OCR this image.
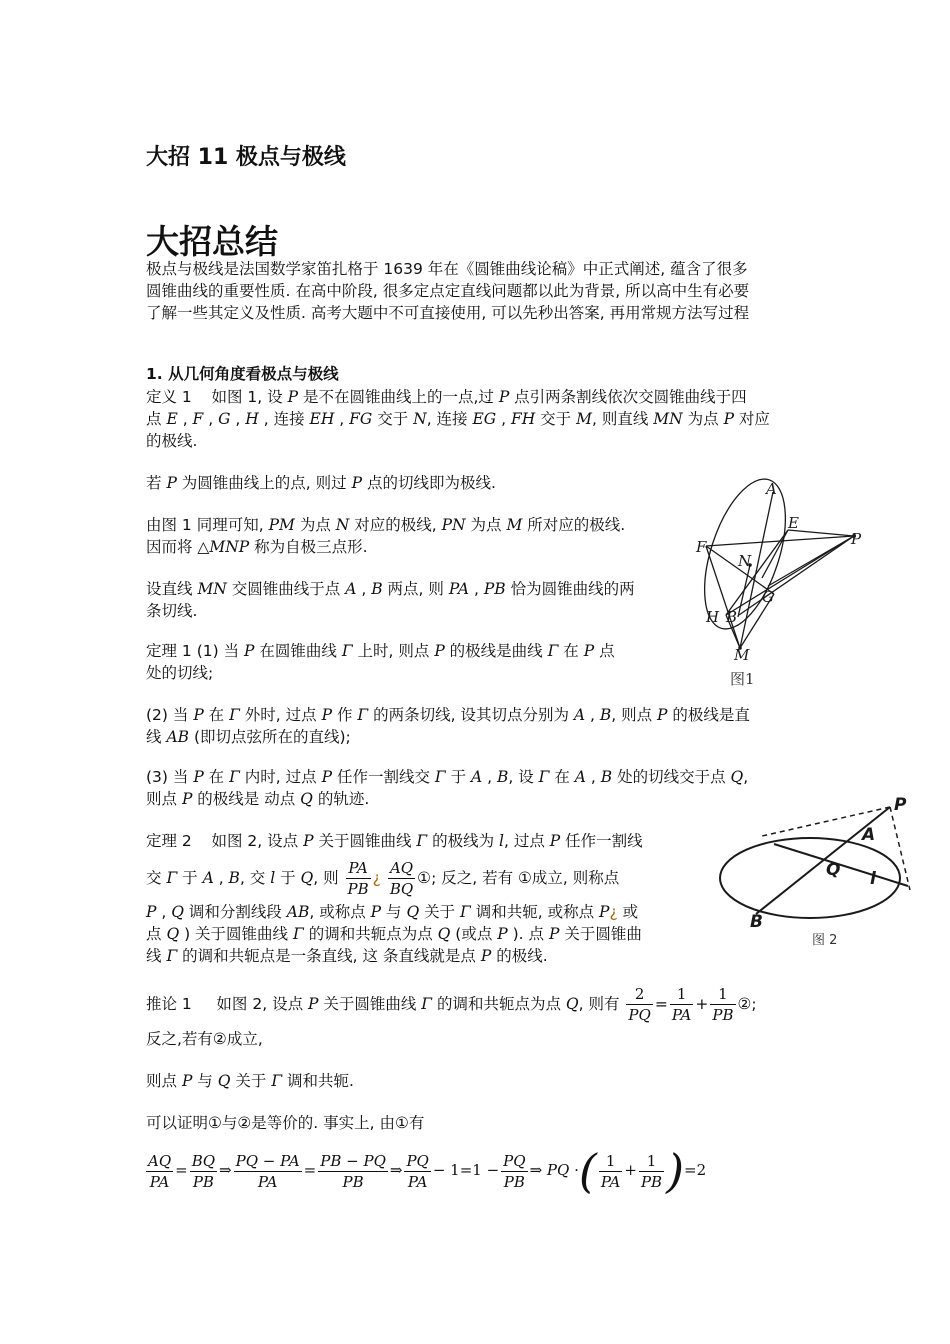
大招 11 极点与极线
大招总结
极点与极线是法国数学家笛扎格于 1639 年在《圆锥曲线论稿》中正式阐述, 蕴含了很多
圆锥曲线的重要性质. 在高中阶段, 很多定点定直线问题都以此为背景, 所以高中生有必要
了解一些其定义及性质. 高考大题中不可直接使用, 可以先秒出答案, 再用常规方法写过程
1. 从几何角度看极点与极线
定义 1    如图 1, 设 P 是不在圆锥曲线上的一点,过 P 点引两条割线依次交圆锥曲线于四
点 E , F , G , H , 连接 EH , FG 交于 N, 连接 EG , FH 交于 M, 则直线 MN 为点 P 对应
的极线.
若 P 为圆锥曲线上的点, 则过 P 点的切线即为极线.
由图 1 同理可知, PM 为点 N 对应的极线, PN 为点 M 所对应的极线.
因而将 △MNP 称为自极三点形.
设直线 MN 交圆锥曲线于点 A , B 两点, 则 PA , PB 恰为圆锥曲线的两
条切线.
定理 1 (1) 当 P 在圆锥曲线 Γ 上时, 则点 P 的极线是曲线 Γ 在 P 点
处的切线;
(2) 当 P 在 Γ 外时, 过点 P 作 Γ 的两条切线, 设其切点分别为 A , B, 则点 P 的极线是直
线 AB (即切点弦所在的直线);
(3) 当 P 在 Γ 内时, 过点 P 任作一割线交 Γ 于 A , B, 设 Γ 在 A , B 处的切线交于点 Q,
则点 P 的极线是 动点 Q 的轨迹.
定理 2    如图 2, 设点 P 关于圆锥曲线 Γ 的极线为 l, 过点 P 任作一割线
交 Γ 于 A , B, 交 l 于 Q, 则 $\frac{PA}{PB}$ ¿ $\frac{AQ}{BQ}$ ①; 反之, 若有 ①成立, 则称点
P , Q 调和分割线段 AB, 或称点 P 与 Q 关于 Γ 调和共轭, 或称点 P¿ 或
点 Q ) 关于圆锥曲线 Γ 的调和共轭点为点 Q (或点 P ). 点 P 关于圆锥曲
线 Γ 的调和共轭点是一条直线, 这 条直线就是点 P 的极线.
推论 1     如图 2, 设点 P 关于圆锥曲线 Γ 的调和共轭点为点 Q, 则有 $\frac{2}{PQ} = \frac{1}{PA} + \frac{1}{PB}$ ②;
反之,若有②成立,
则点 P 与 Q 关于 Γ 调和共轭.
可以证明①与②是等价的. 事实上, 由①有
$\frac{AQ}{PA} = \frac{BQ}{PB}$ ⇒ $\frac{PQ - PA}{PA} = \frac{PB - PQ}{PB}$ ⇒ $\frac{PQ}{PA} - 1=1 - \frac{PQ}{PB}$ ⇒ PQ ·( $\frac{1}{PA} + \frac{1}{PB} )=2$
A
E
P
F
N
G
H B
M
图1
P
A
Q l
B
图 2
